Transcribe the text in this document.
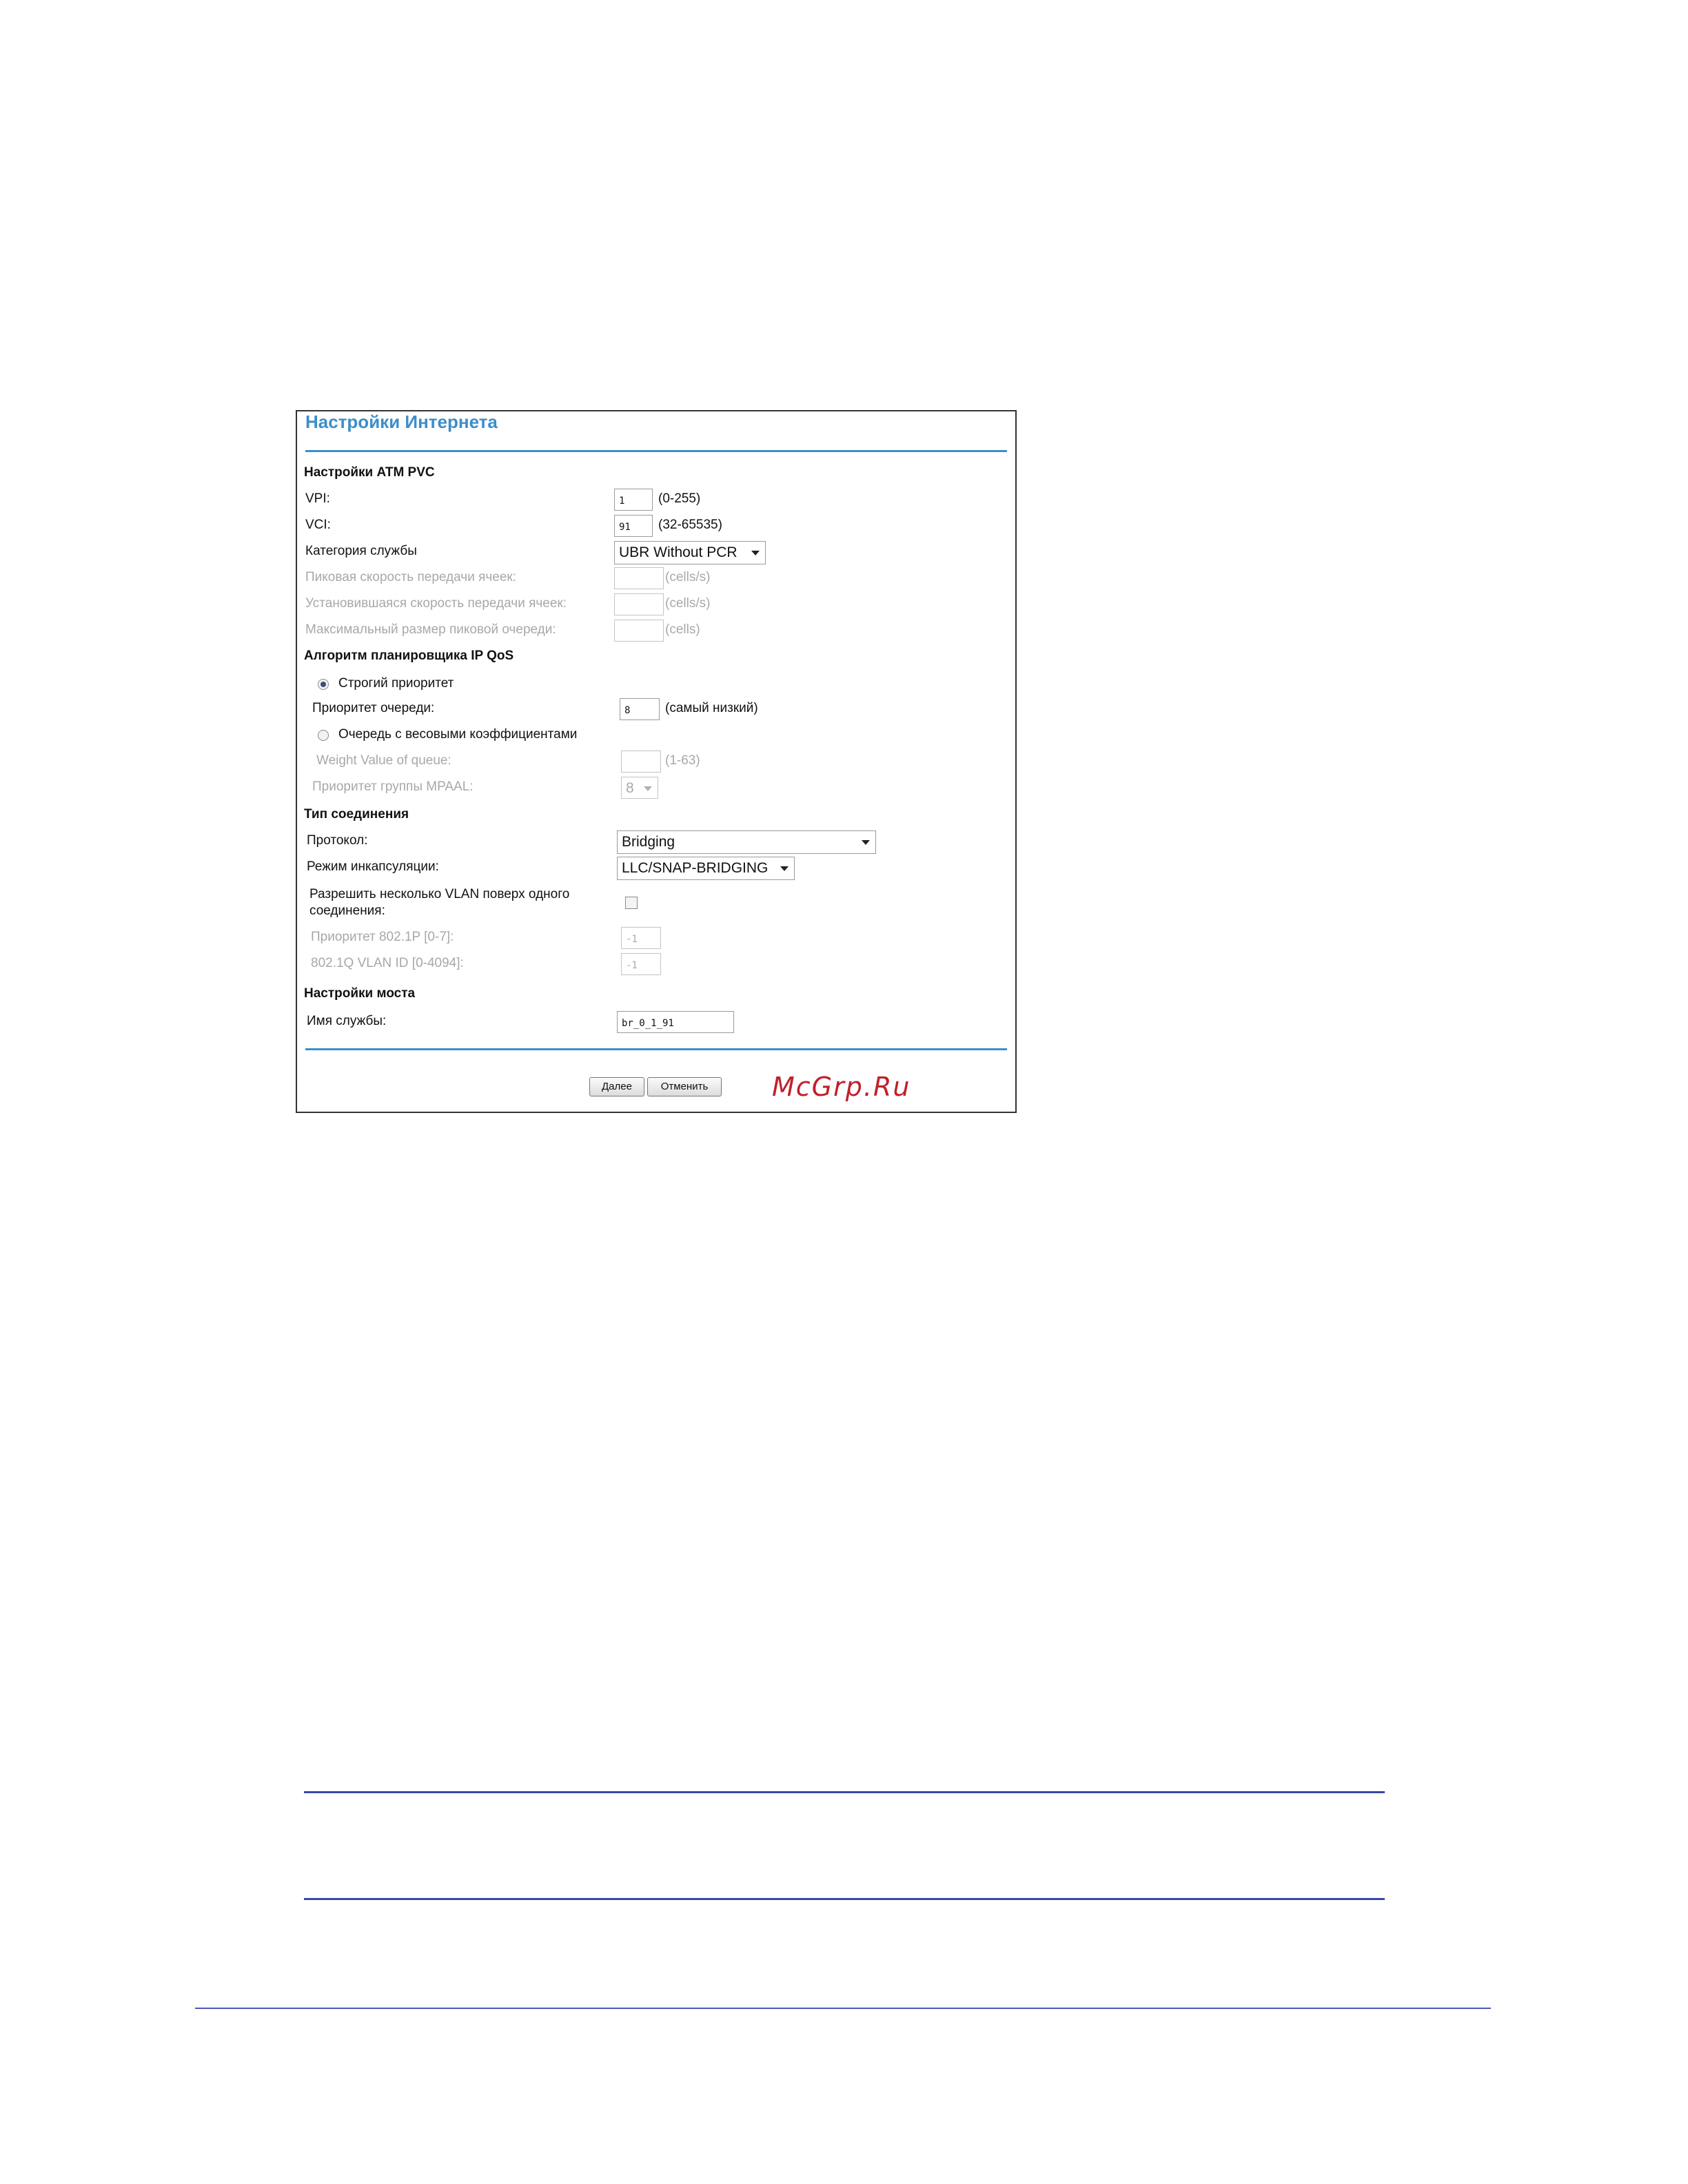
Настройки Интернета
Настройки ATM PVC
VPI:	1	(0-255)
VCI:	91	(32-65535)
Категория службы	UBR Without PCR
Пиковая скорость передачи ячеек:	(cells/s)
Установившаяся скорость передачи ячеек:	(cells/s)
Максимальный размер пиковой очереди:	(cells)
Алгоритм планировщика IP QoS
Строгий приоритет
Приоритет очереди:	8	(самый низкий)
Очередь с весовыми коэффициентами
Weight Value of queue:	(1-63)
Приоритет группы MPAAL:	8
Тип соединения
Протокол:	Bridging
Режим инкапсуляции:	LLC/SNAP-BRIDGING
Разрешить несколько VLAN поверх одного
соединения:
Приоритет 802.1P [0-7]:	-1
802.1Q VLAN ID [0-4094]:	-1
Настройки моста
Имя службы:	br_0_1_91
Далее	Отменить	McGrp.Ru
